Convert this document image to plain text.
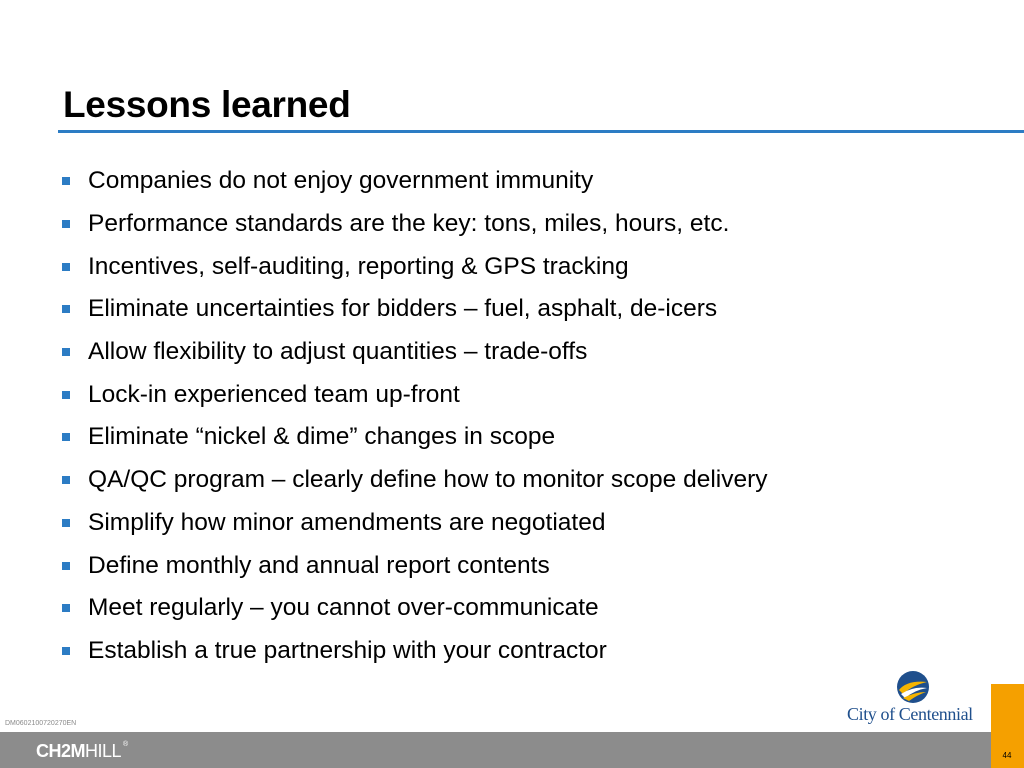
Lessons learned
Companies do not enjoy government immunity
Performance standards are the key: tons, miles, hours, etc.
Incentives, self-auditing, reporting & GPS tracking
Eliminate uncertainties for bidders – fuel, asphalt, de-icers
Allow flexibility to adjust quantities – trade-offs
Lock-in experienced team up-front
Eliminate “nickel & dime” changes in scope
QA/QC program – clearly define how to monitor scope delivery
Simplify how minor amendments are negotiated
Define monthly and annual report contents
Meet regularly – you cannot over-communicate
Establish a true partnership with your contractor
DM0602100720270EN	City of Centennial
CH2MHILL ®
44
